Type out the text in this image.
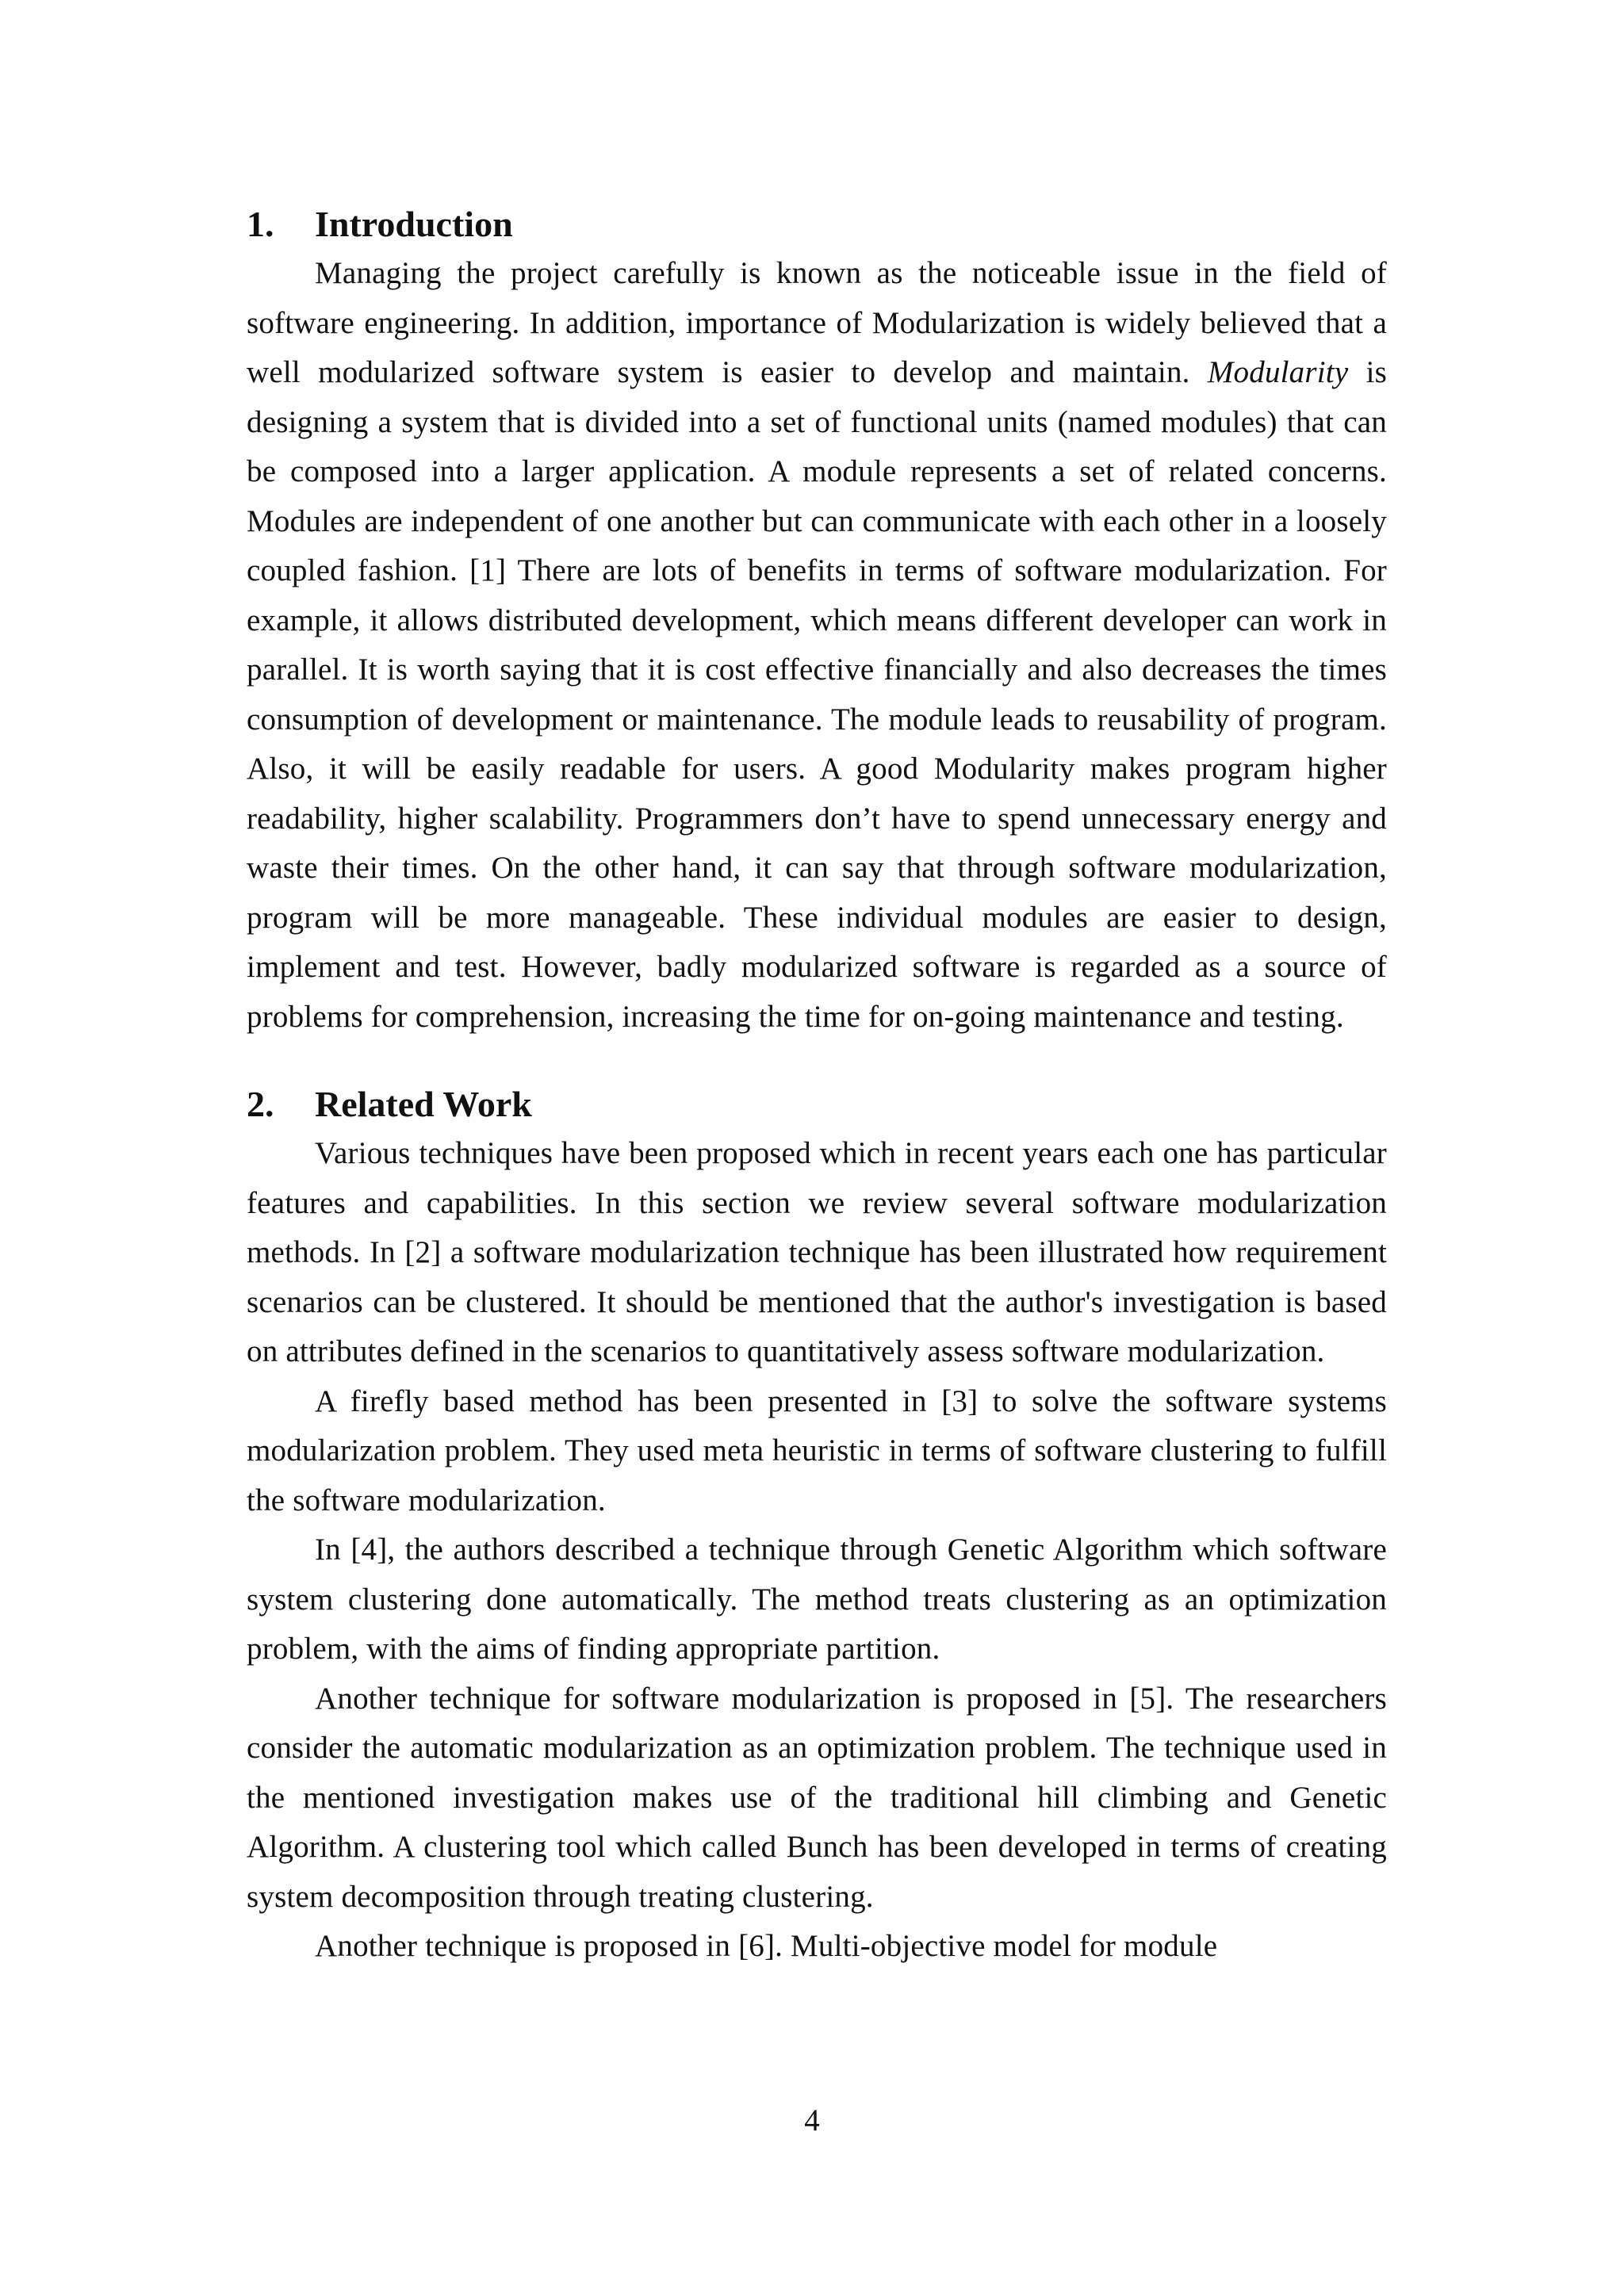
1.	Introduction

Managing the project carefully is known as the noticeable issue in the field of software engineering. In addition, importance of Modularization is widely believed that a well modularized software system is easier to develop and maintain. Modularity is designing a system that is divided into a set of functional units (named modules) that can be composed into a larger application. A module represents a set of related concerns. Modules are independent of one another but can communicate with each other in a loosely coupled fashion. [1] There are lots of benefits in terms of software modularization. For example, it allows distributed development, which means different developer can work in parallel. It is worth saying that it is cost effective financially and also decreases the times consumption of development or maintenance. The module leads to reusability of program. Also, it will be easily readable for users. A good Modularity makes program higher readability, higher scalability. Programmers don’t have to spend unnecessary energy and waste their times. On the other hand, it can say that through software modularization, program will be more manageable. These individual modules are easier to design, implement and test. However, badly modularized software is regarded as a source of problems for comprehension, increasing the time for on-going maintenance and testing.

2.	Related Work

Various techniques have been proposed which in recent years each one has particular features and capabilities. In this section we review several software modularization methods. In [2] a software modularization technique has been illustrated how requirement scenarios can be clustered. It should be mentioned that the author's investigation is based on attributes defined in the scenarios to quantitatively assess software modularization.

A firefly based method has been presented in [3] to solve the software systems modularization problem. They used meta heuristic in terms of software clustering to fulfill the software modularization.

In [4], the authors described a technique through Genetic Algorithm which software system clustering done automatically. The method treats clustering as an optimization problem, with the aims of finding appropriate partition.

Another technique for software modularization is proposed in [5]. The researchers consider the automatic modularization as an optimization problem. The technique used in the mentioned investigation makes use of the traditional hill climbing and Genetic Algorithm. A clustering tool which called Bunch has been developed in terms of creating system decomposition through treating clustering.

Another technique is proposed in [6]. Multi-objective model for module

4
